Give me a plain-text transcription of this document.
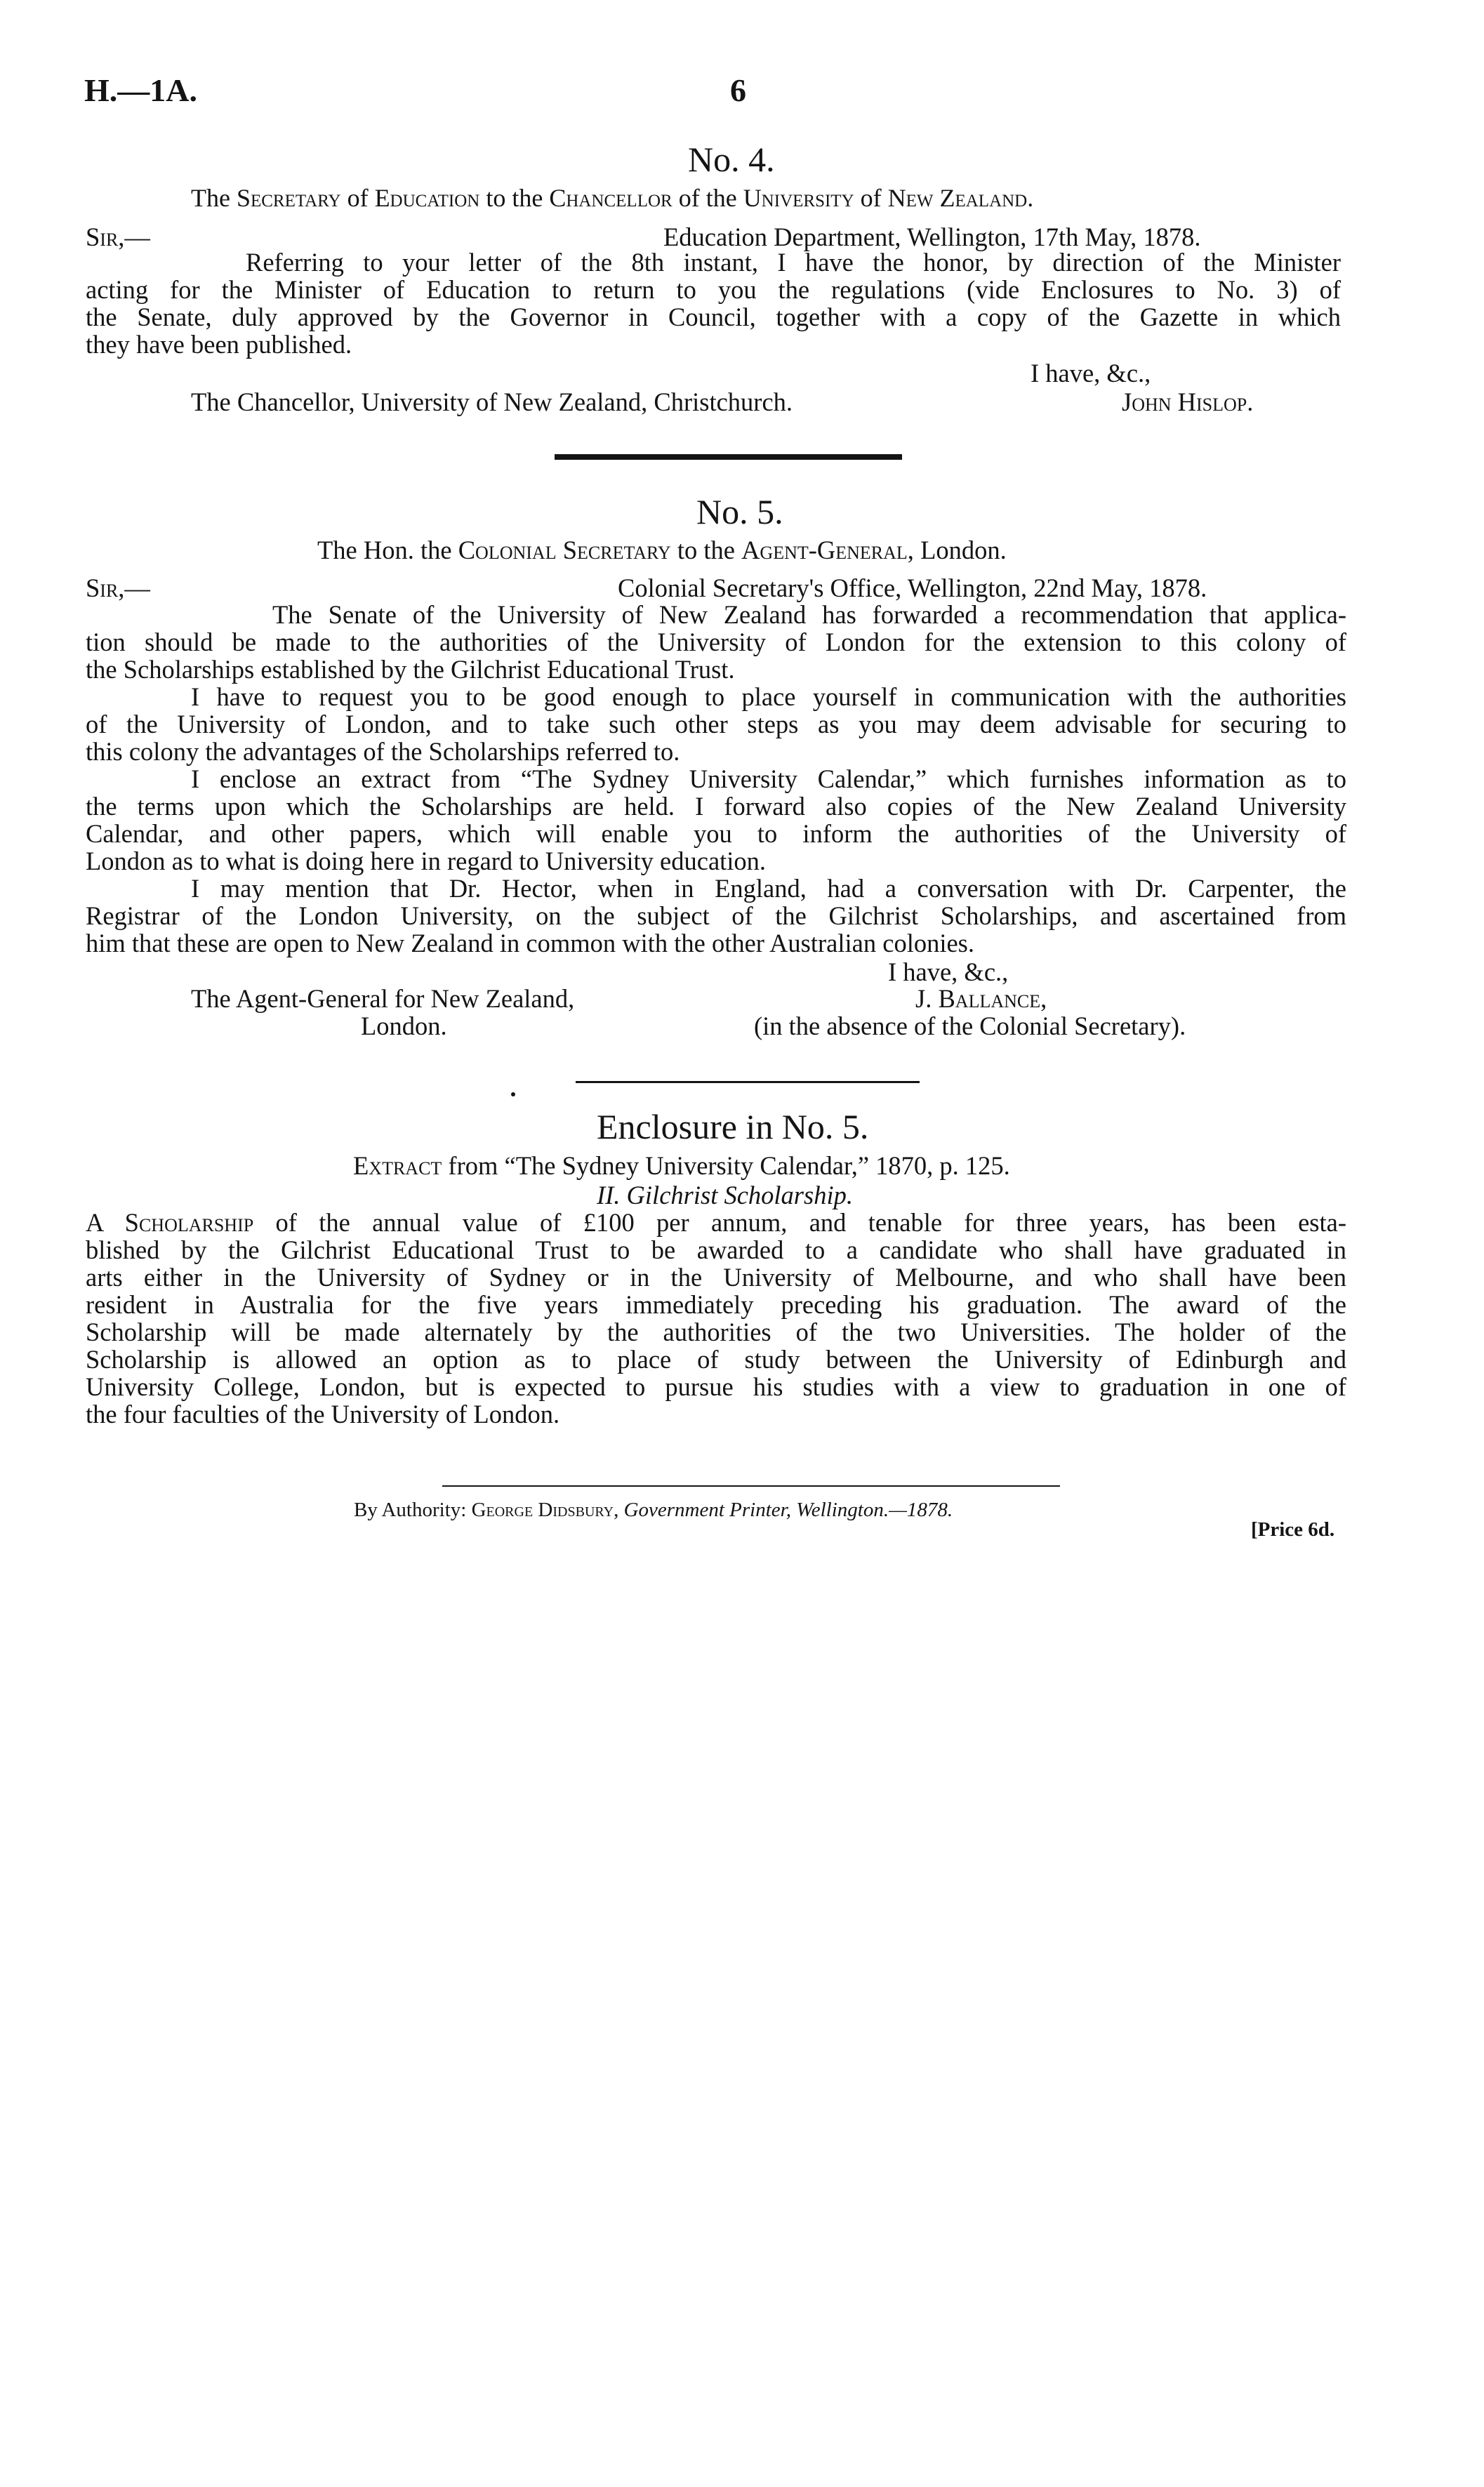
H.—1A.	6
No. 4.
The Secretary of Education to the Chancellor of the University of New Zealand.
Sir,—	Education Department, Wellington, 17th May, 1878.
Referring to your letter of the 8th instant, I have the honor, by direction of the Minister
acting for the Minister of Education to return to you the regulations (vide Enclosures to No. 3) of
the Senate, duly approved by the Governor in Council, together with a copy of the Gazette in which
they have been published.
I have, &c.,
The Chancellor, University of New Zealand, Christchurch.	John Hislop.
No. 5.
The Hon. the Colonial Secretary to the Agent-General, London.
Sir,—	Colonial Secretary's Office, Wellington, 22nd May, 1878.
The Senate of the University of New Zealand has forwarded a recommendation that applica-
tion should be made to the authorities of the University of London for the extension to this colony of
the Scholarships established by the Gilchrist Educational Trust.
I have to request you to be good enough to place yourself in communication with the authorities
of the University of London, and to take such other steps as you may deem advisable for securing to
this colony the advantages of the Scholarships referred to.
I enclose an extract from “The Sydney University Calendar,” which furnishes information as to
the terms upon which the Scholarships are held. I forward also copies of the New Zealand University
Calendar, and other papers, which will enable you to inform the authorities of the University of
London as to what is doing here in regard to University education.
I may mention that Dr. Hector, when in England, had a conversation with Dr. Carpenter, the
Registrar of the London University, on the subject of the Gilchrist Scholarships, and ascertained from
him that these are open to New Zealand in common with the other Australian colonies.
I have, &c.,
The Agent-General for New Zealand,	J. Ballance,
London.	(in the absence of the Colonial Secretary).
Enclosure in No. 5.
Extract from “The Sydney University Calendar,” 1870, p. 125.
II. Gilchrist Scholarship.
A Scholarship of the annual value of £100 per annum, and tenable for three years, has been esta-
blished by the Gilchrist Educational Trust to be awarded to a candidate who shall have graduated in
arts either in the University of Sydney or in the University of Melbourne, and who shall have been
resident in Australia for the five years immediately preceding his graduation. The award of the
Scholarship will be made alternately by the authorities of the two Universities. The holder of the
Scholarship is allowed an option as to place of study between the University of Edinburgh and
University College, London, but is expected to pursue his studies with a view to graduation in one of
the four faculties of the University of London.
By Authority: George Didsbury, Government Printer, Wellington.—1878.
[Price 6d.
